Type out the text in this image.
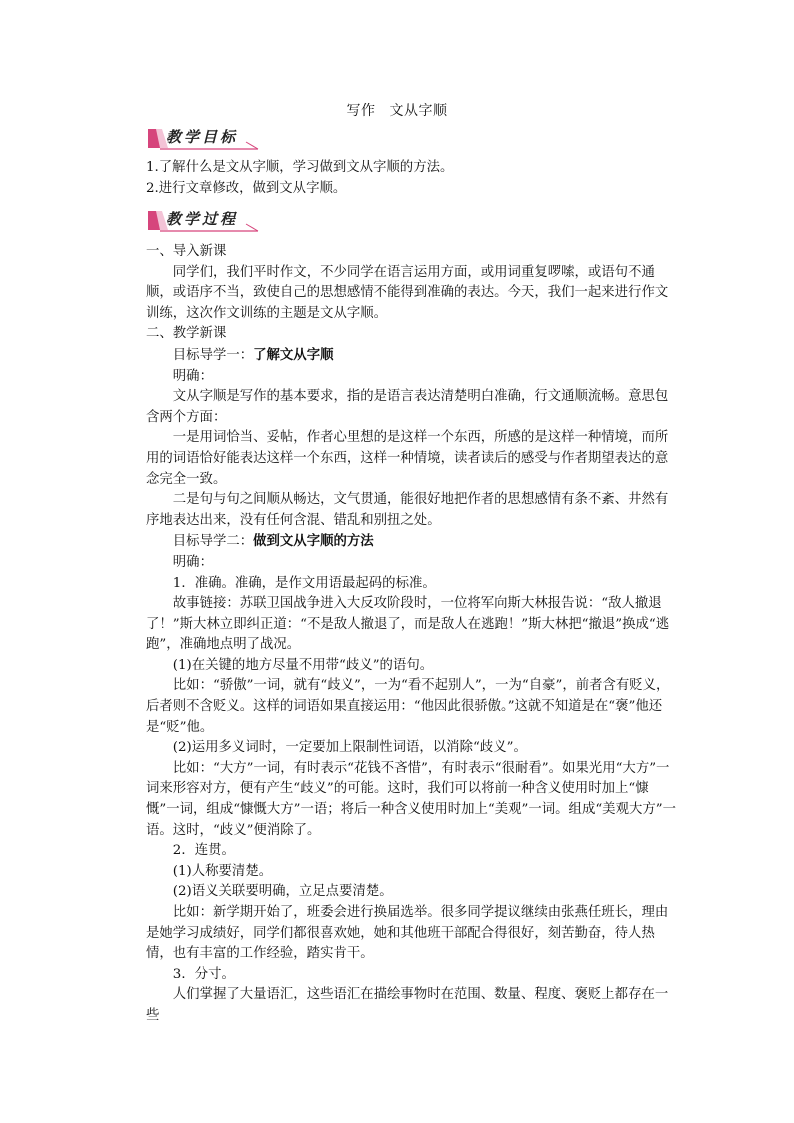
写作 文从字顺
教学目标
教学过程

1.了解什么是文从字顺，学习做到文从字顺的方法。

2.进行文章修改，做到文从字顺。

一、导入新课

同学们，我们平时作文，不少同学在语言运用方面，或用词重复啰嗦，或语句不通顺，或语序不当，致使自己的思想感情不能得到准确的表达。今天，我们一起来进行作文训练，这次作文训练的主题是文从字顺。

二、教学新课

目标导学一：了解文从字顺

明确：

文从字顺是写作的基本要求，指的是语言表达清楚明白准确，行文通顺流畅。意思包含两个方面：

一是用词恰当、妥帖，作者心里想的是这样一个东西，所感的是这样一种情境，而所用的词语恰好能表达这样一个东西，这样一种情境，读者读后的感受与作者期望表达的意念完全一致。

二是句与句之间顺从畅达，文气贯通，能很好地把作者的思想感情有条不紊、井然有序地表达出来，没有任何含混、错乱和别扭之处。

目标导学二：做到文从字顺的方法

明确：

1．准确。准确，是作文用语最起码的标准。

故事链接：苏联卫国战争进入大反攻阶段时，一位将军向斯大林报告说：“敌人撤退了！”斯大林立即纠正道：“不是敌人撤退了，而是敌人在逃跑！”斯大林把“撤退”换成“逃跑”，准确地点明了战况。

(1)在关键的地方尽量不用带“歧义”的语句。

比如：“骄傲”一词，就有“歧义”，一为“看不起别人”，一为“自豪”，前者含有贬义，后者则不含贬义。这样的词语如果直接运用：“他因此很骄傲。”这就不知道是在“褒”他还是“贬”他。

(2)运用多义词时，一定要加上限制性词语，以消除“歧义”。

比如：“大方”一词，有时表示“花钱不吝惜”，有时表示“很耐看”。如果光用“大方”一词来形容对方，便有产生“歧义”的可能。这时，我们可以将前一种含义使用时加上“慷慨”一词，组成“慷慨大方”一语；将后一种含义使用时加上“美观”一词。组成“美观大方”一语。这时，“歧义”便消除了。

2．连贯。

(1)人称要清楚。

(2)语义关联要明确，立足点要清楚。

比如：新学期开始了，班委会进行换届选举。很多同学提议继续由张燕任班长，理由是她学习成绩好，同学们都很喜欢她，她和其他班干部配合得很好，刻苦勤奋，待人热情，也有丰富的工作经验，踏实肯干。

3．分寸。

人们掌握了大量语汇，这些语汇在描绘事物时在范围、数量、程度、褒贬上都存在一些
